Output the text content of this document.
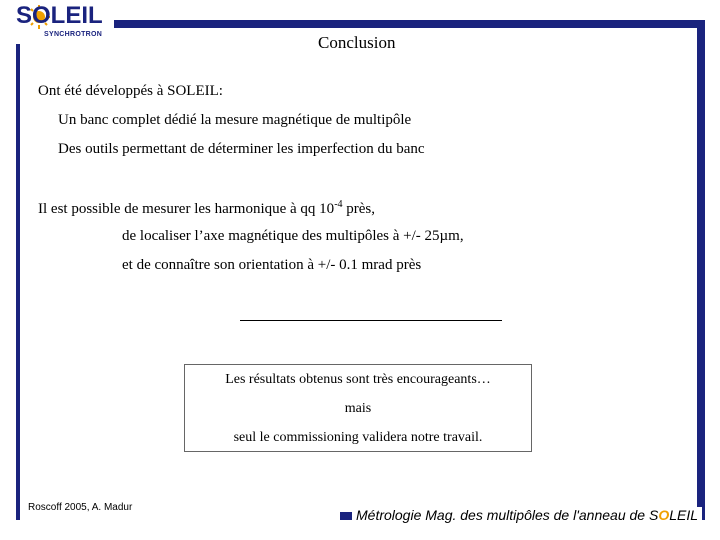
SOLEIL
SYNCHROTRON	Conclusion
Ont été développés à SOLEIL:
Un banc complet dédié la mesure magnétique de multipôle
Des outils permettant de déterminer les imperfection du banc
Il est possible de mesurer les harmonique à qq $10^{-4}$ près,
de localiser l’axe magnétique des multipôles à +/- 25µm,
et de connaître son orientation à +/- 0.1 mrad près
Les résultats obtenus sont très encourageants…
mais
seul le commissioning validera notre travail.
Roscoff 2005, A. Madur	Métrologie Mag. des multipôles de l'anneau de SOLEIL
